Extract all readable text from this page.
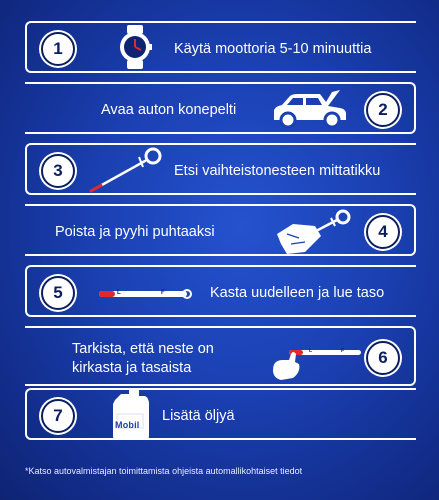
1	Käytä moottoria 5-10 minuuttia
Avaa auton konepelti	2
3	Etsi vaihteistonesteen mittatikku
Poista ja pyyhi puhtaaksi	4
5	L	F	Kasta uudelleen ja lue taso
Tarkista, että neste on
kirkasta ja tasaista
L	F	6
7	Mobil
Lisätä öljyä
*Katso autovalmistajan toimittamista ohjeista automallikohtaiset tiedot
